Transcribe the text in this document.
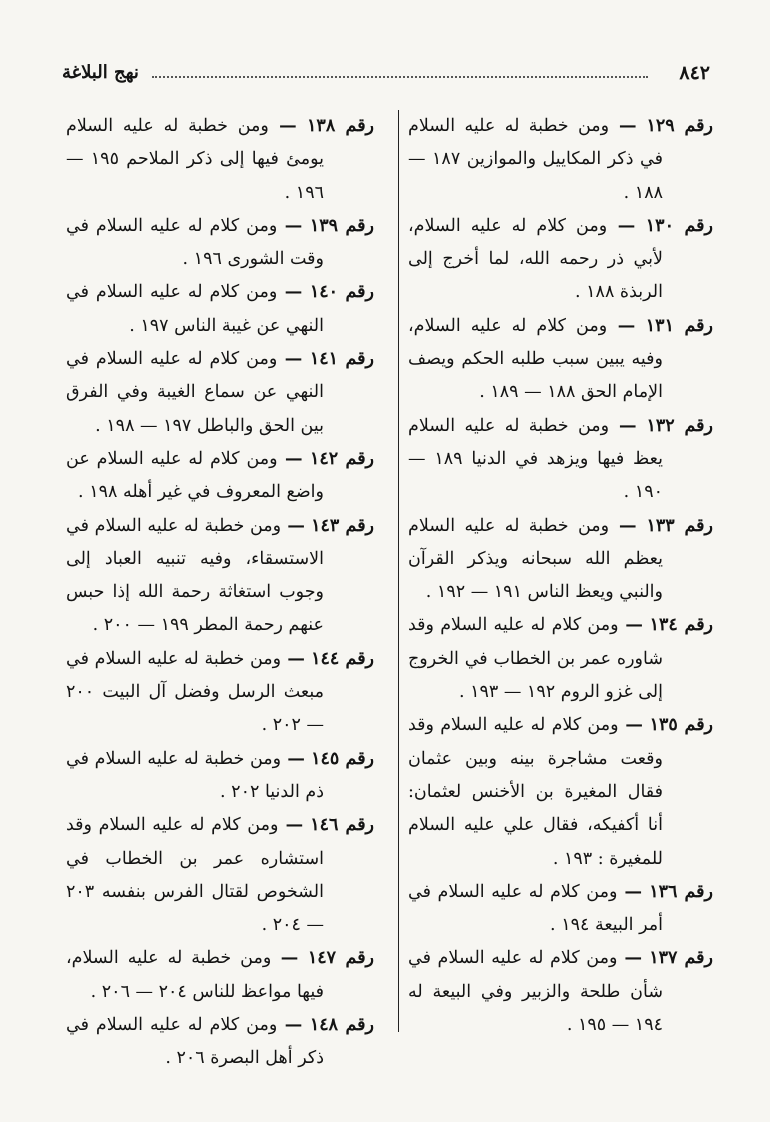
٨٤٢
نهج البلاغة

رقم ١٢٩ — ومن خطبة له عليه السلام في ذكر المكاييل والموازين ١٨٧ — ١٨٨ .

رقم ١٣٠ — ومن كلام له عليه السلام، لأبي ذر رحمه الله، لما أخرج إلى الربذة ١٨٨ .

رقم ١٣١ — ومن كلام له عليه السلام، وفيه يبين سبب طلبه الحكم ويصف الإمام الحق ١٨٨ — ١٨٩ .

رقم ١٣٢ — ومن خطبة له عليه السلام يعظ فيها ويزهد في الدنيا ١٨٩ — ١٩٠ .

رقم ١٣٣ — ومن خطبة له عليه السلام يعظم الله سبحانه ويذكر القرآن والنبي ويعظ الناس ١٩١ — ١٩٢ .

رقم ١٣٤ — ومن كلام له عليه السلام وقد شاوره عمر بن الخطاب في الخروج إلى غزو الروم ١٩٢ — ١٩٣ .

رقم ١٣٥ — ومن كلام له عليه السلام وقد وقعت مشاجرة بينه وبين عثمان فقال المغيرة بن الأخنس لعثمان: أنا أكفيكه، فقال علي عليه السلام للمغيرة : ١٩٣ .

رقم ١٣٦ — ومن كلام له عليه السلام في أمر البيعة ١٩٤ .

رقم ١٣٧ — ومن كلام له عليه السلام في شأن طلحة والزبير وفي البيعة له ١٩٤ — ١٩٥ .

رقم ١٣٨ — ومن خطبة له عليه السلام يومئ فيها إلى ذكر الملاحم ١٩٥ — ١٩٦ .

رقم ١٣٩ — ومن كلام له عليه السلام في وقت الشورى ١٩٦ .

رقم ١٤٠ — ومن كلام له عليه السلام في النهي عن غيبة الناس ١٩٧ .

رقم ١٤١ — ومن كلام له عليه السلام في النهي عن سماع الغيبة وفي الفرق بين الحق والباطل ١٩٧ — ١٩٨ .

رقم ١٤٢ — ومن كلام له عليه السلام عن واضع المعروف في غير أهله ١٩٨ .

رقم ١٤٣ — ومن خطبة له عليه السلام في الاستسقاء، وفيه تنبيه العباد إلى وجوب استغاثة رحمة الله إذا حبس عنهم رحمة المطر ١٩٩ — ٢٠٠ .

رقم ١٤٤ — ومن خطبة له عليه السلام في مبعث الرسل وفضل آل البيت ٢٠٠ — ٢٠٢ .

رقم ١٤٥ — ومن خطبة له عليه السلام في ذم الدنيا ٢٠٢ .

رقم ١٤٦ — ومن كلام له عليه السلام وقد استشاره عمر بن الخطاب في الشخوص لقتال الفرس بنفسه ٢٠٣ — ٢٠٤ .

رقم ١٤٧ — ومن خطبة له عليه السلام، فيها مواعظ للناس ٢٠٤ — ٢٠٦ .

رقم ١٤٨ — ومن كلام له عليه السلام في ذكر أهل البصرة ٢٠٦ .
